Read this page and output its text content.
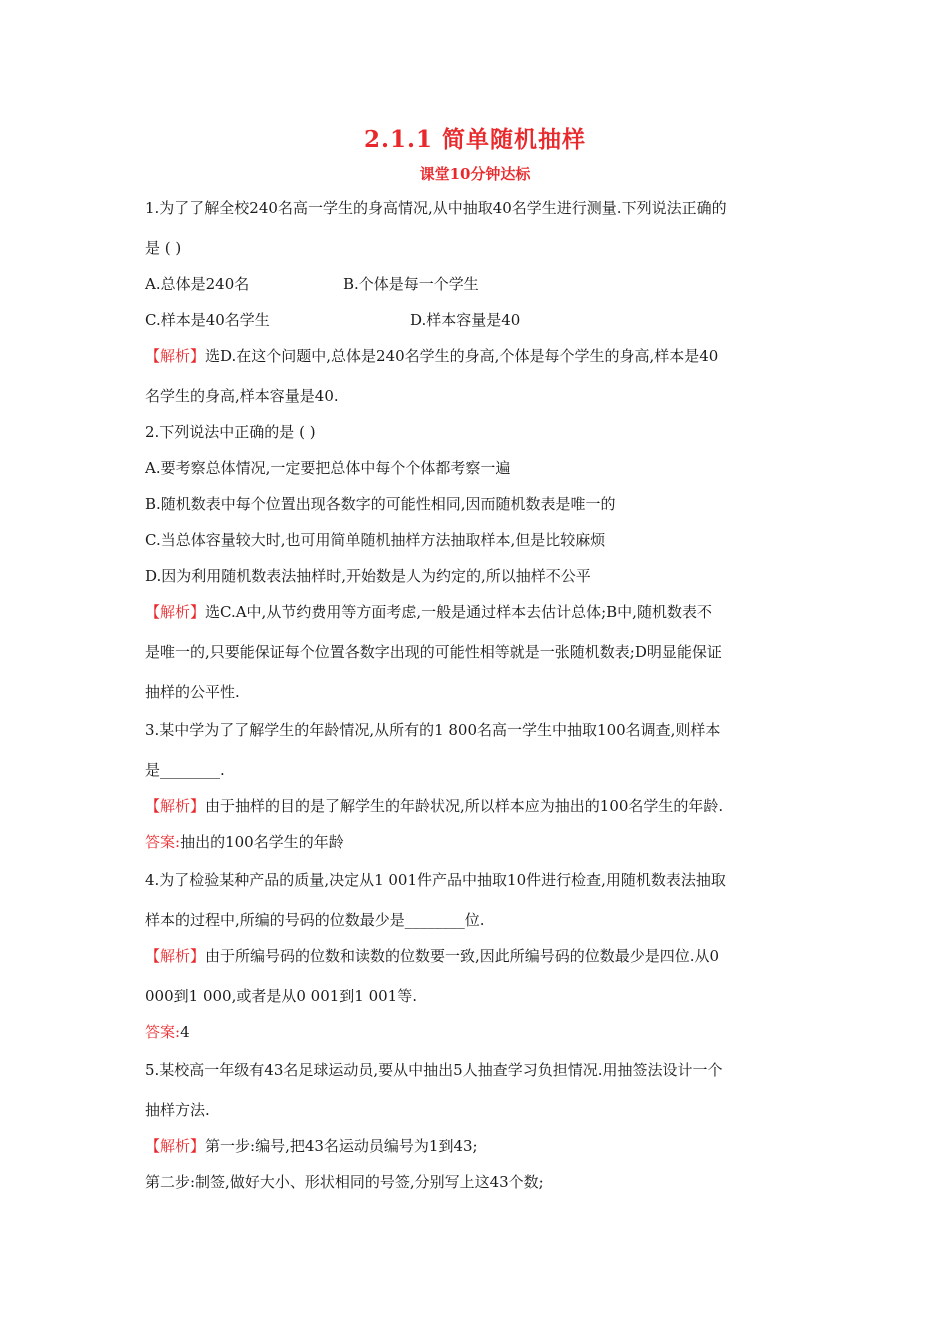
2.1.1 简单随机抽样
课堂10分钟达标
1.为了了解全校240名高一学生的身高情况,从中抽取40名学生进行测量.下列说法正确的
是 ( )
A.总体是240名	B.个体是每一个学生
C.样本是40名学生	D.样本容量是40
【解析】选D.在这个问题中,总体是240名学生的身高,个体是每个学生的身高,样本是40
名学生的身高,样本容量是40.
2.下列说法中正确的是 ( )
A.要考察总体情况,一定要把总体中每个个体都考察一遍
B.随机数表中每个位置出现各数字的可能性相同,因而随机数表是唯一的
C.当总体容量较大时,也可用简单随机抽样方法抽取样本,但是比较麻烦
D.因为利用随机数表法抽样时,开始数是人为约定的,所以抽样不公平
【解析】选C.A中,从节约费用等方面考虑,一般是通过样本去估计总体;B中,随机数表不
是唯一的,只要能保证每个位置各数字出现的可能性相等就是一张随机数表;D明显能保证
抽样的公平性.
3.某中学为了了解学生的年龄情况,从所有的1 800名高一学生中抽取100名调查,则样本
是________.
【解析】由于抽样的目的是了解学生的年龄状况,所以样本应为抽出的100名学生的年龄.
答案:抽出的100名学生的年龄
4.为了检验某种产品的质量,决定从1 001件产品中抽取10件进行检查,用随机数表法抽取
样本的过程中,所编的号码的位数最少是________位.
【解析】由于所编号码的位数和读数的位数要一致,因此所编号码的位数最少是四位.从0
000到1 000,或者是从0 001到1 001等.
答案:4
5.某校高一年级有43名足球运动员,要从中抽出5人抽查学习负担情况.用抽签法设计一个
抽样方法.
【解析】第一步:编号,把43名运动员编号为1到43;
第二步:制签,做好大小、形状相同的号签,分别写上这43个数;
